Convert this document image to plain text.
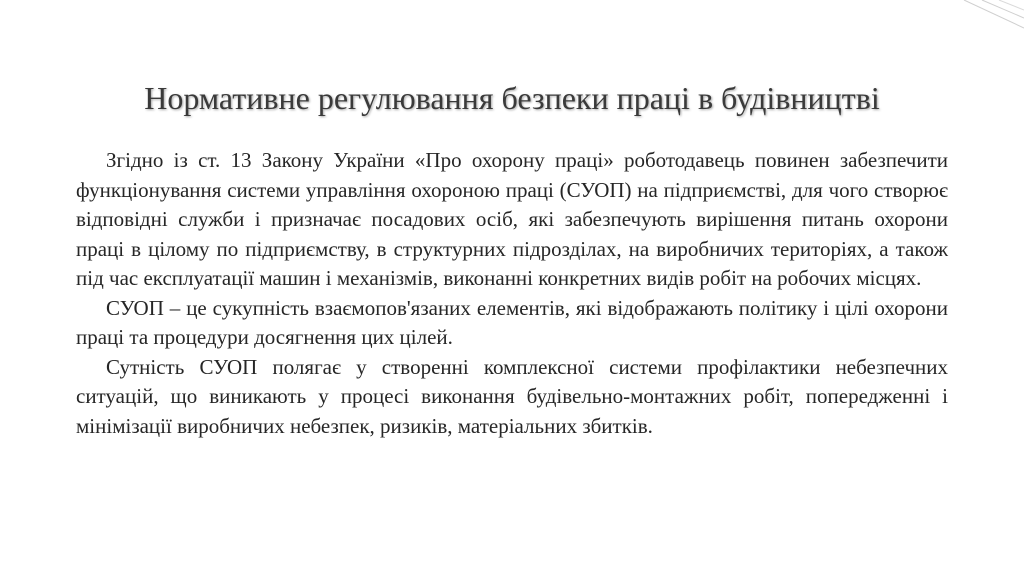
Нормативне регулювання безпеки праці в будівництві

Згідно із ст. 13 Закону України «Про охорону праці» роботодавець повинен забезпечити функціонування системи управління охороною праці (СУОП) на підприємстві, для чого створює відповідні служби і призначає посадових осіб, які забезпечують вирішення питань охорони праці в цілому по підприємству, в структурних підрозділах, на виробничих територіях, а також під час експлуатації машин і механізмів, виконанні конкретних видів робіт на робочих місцях.

СУОП – це сукупність взаємопов'язаних елементів, які відображають політику і цілі охорони праці та процедури досягнення цих цілей.

Сутність СУОП полягає у створенні комплексної системи профілактики небезпечних ситуацій, що виникають у процесі виконання будівельно-монтажних робіт, попередженні і мінімізації виробничих небезпек, ризиків, матеріальних збитків.
